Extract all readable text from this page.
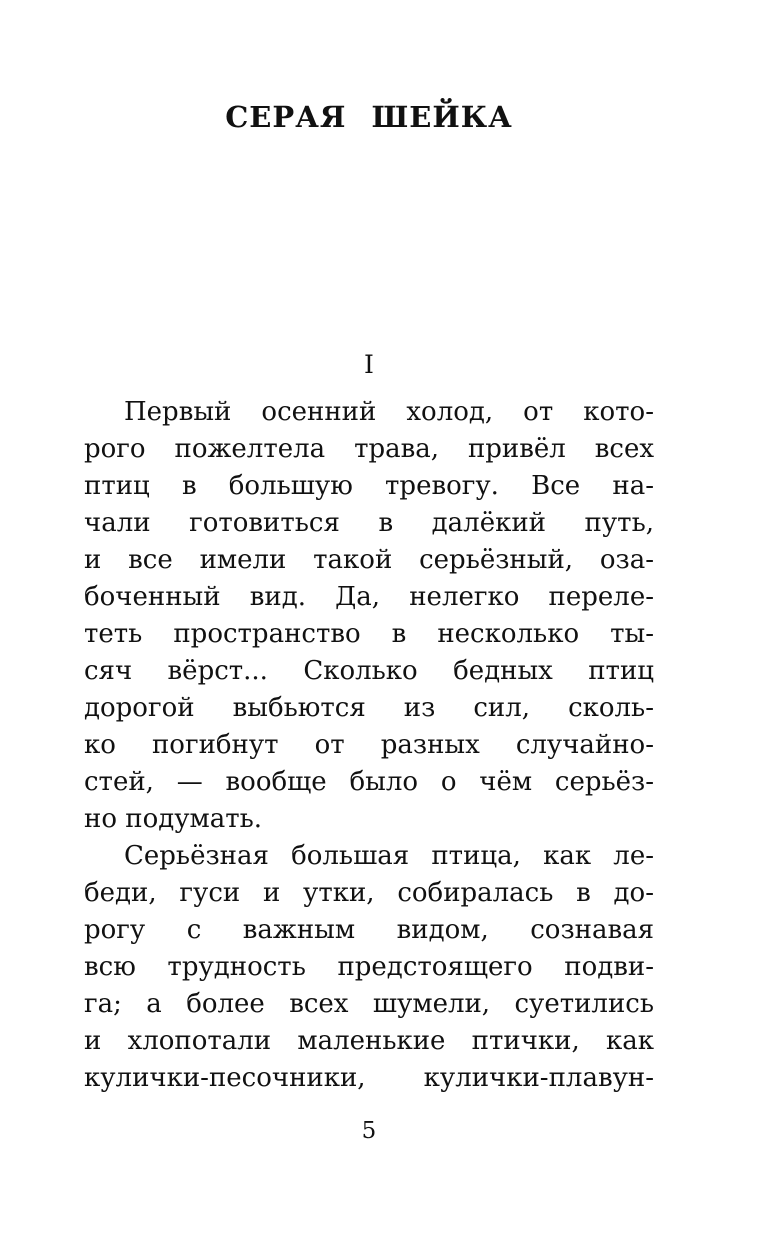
СЕРАЯ ШЕЙКА
I
Первый осенний холод, от кото-
рого пожелтела трава, привёл всех
птиц в большую тревогу. Все на-
чали готовиться в далёкий путь,
и все имели такой серьёзный, оза-
боченный вид. Да, нелегко переле-
теть пространство в несколько ты-
сяч вёрст... Сколько бедных птиц
дорогой выбьются из сил, сколь-
ко погибнут от разных случайно-
стей, — вообще было о чём серьёз-
но подумать.
Серьёзная большая птица, как ле-
беди, гуси и утки, собиралась в до-
рогу с важным видом, сознавая
всю трудность предстоящего подви-
га; а более всех шумели, суетились
и хлопотали маленькие птички, как
кулички-песочники, кулички-плавун-
5
